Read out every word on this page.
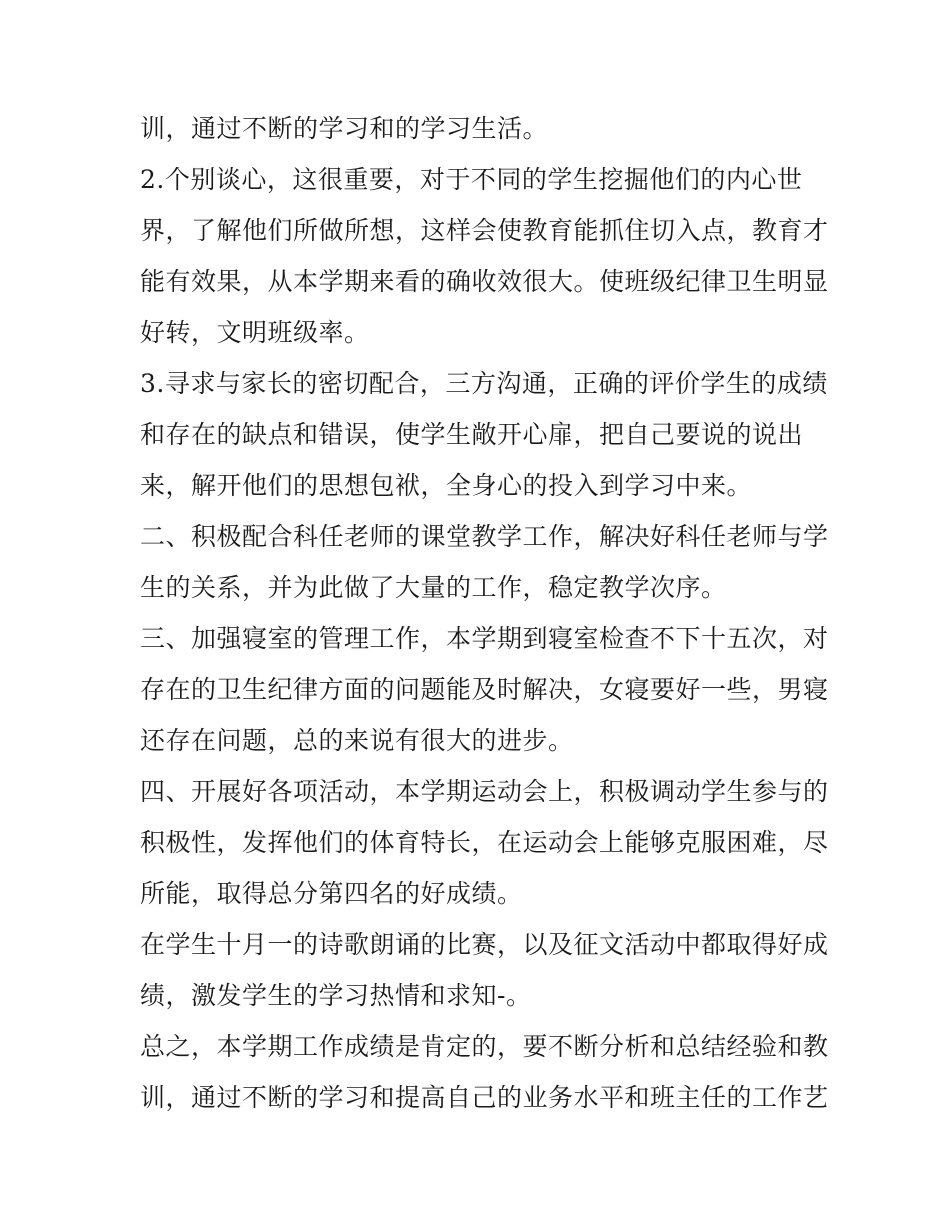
训，通过不断的学习和的学习生活。
2.个别谈心，这很重要，对于不同的学生挖掘他们的内心世
界，了解他们所做所想，这样会使教育能抓住切入点，教育才
能有效果，从本学期来看的确收效很大。使班级纪律卫生明显
好转，文明班级率。
3.寻求与家长的密切配合，三方沟通，正确的评价学生的成绩
和存在的缺点和错误，使学生敞开心扉，把自己要说的说出
来，解开他们的思想包袱，全身心的投入到学习中来。
二、积极配合科任老师的课堂教学工作，解决好科任老师与学
生的关系，并为此做了大量的工作，稳定教学次序。
三、加强寝室的管理工作，本学期到寝室检查不下十五次，对
存在的卫生纪律方面的问题能及时解决，女寝要好一些，男寝
还存在问题，总的来说有很大的进步。
四、开展好各项活动，本学期运动会上，积极调动学生参与的
积极性，发挥他们的体育特长，在运动会上能够克服困难，尽
所能，取得总分第四名的好成绩。
在学生十月一的诗歌朗诵的比赛，以及征文活动中都取得好成
绩，激发学生的学习热情和求知-。
总之，本学期工作成绩是肯定的，要不断分析和总结经验和教
训，通过不断的学习和提高自己的业务水平和班主任的工作艺
